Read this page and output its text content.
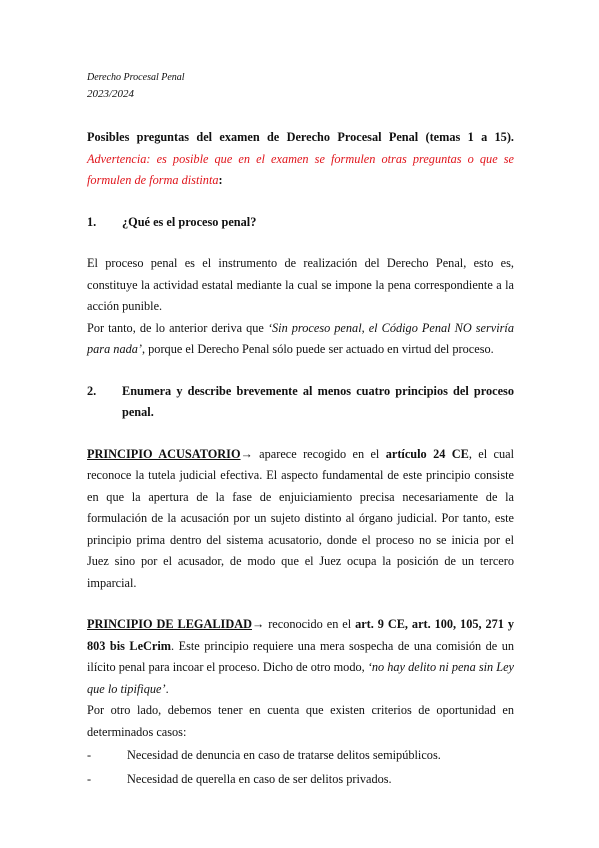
Derecho Procesal Penal
2023/2024

Posibles preguntas del examen de Derecho Procesal Penal (temas 1 a 15). Advertencia: es posible que en el examen se formulen otras preguntas o que se formulen de forma distinta:

1.	¿Qué es el proceso penal?

El proceso penal es el instrumento de realización del Derecho Penal, esto es, constituye la actividad estatal mediante la cual se impone la pena correspondiente a la acción punible.

Por tanto, de lo anterior deriva que ‘Sin proceso penal, el Código Penal NO serviría para nada’, porque el Derecho Penal sólo puede ser actuado en virtud del proceso.

2.	Enumera y describe brevemente al menos cuatro principios del proceso penal.

PRINCIPIO ACUSATORIO→ aparece recogido en el artículo 24 CE, el cual reconoce la tutela judicial efectiva. El aspecto fundamental de este principio consiste en que la apertura de la fase de enjuiciamiento precisa necesariamente de la formulación de la acusación por un sujeto distinto al órgano judicial. Por tanto, este principio prima dentro del sistema acusatorio, donde el proceso no se inicia por el Juez sino por el acusador, de modo que el Juez ocupa la posición de un tercero imparcial.

PRINCIPIO DE LEGALIDAD→ reconocido en el art. 9 CE, art. 100, 105, 271 y 803 bis LeCrim. Este principio requiere una mera sospecha de una comisión de un ilícito penal para incoar el proceso. Dicho de otro modo, ‘no hay delito ni pena sin Ley que lo tipifique’.

Por otro lado, debemos tener en cuenta que existen criterios de oportunidad en determinados casos:

-	Necesidad de denuncia en caso de tratarse delitos semipúblicos.
-	Necesidad de querella en caso de ser delitos privados.
